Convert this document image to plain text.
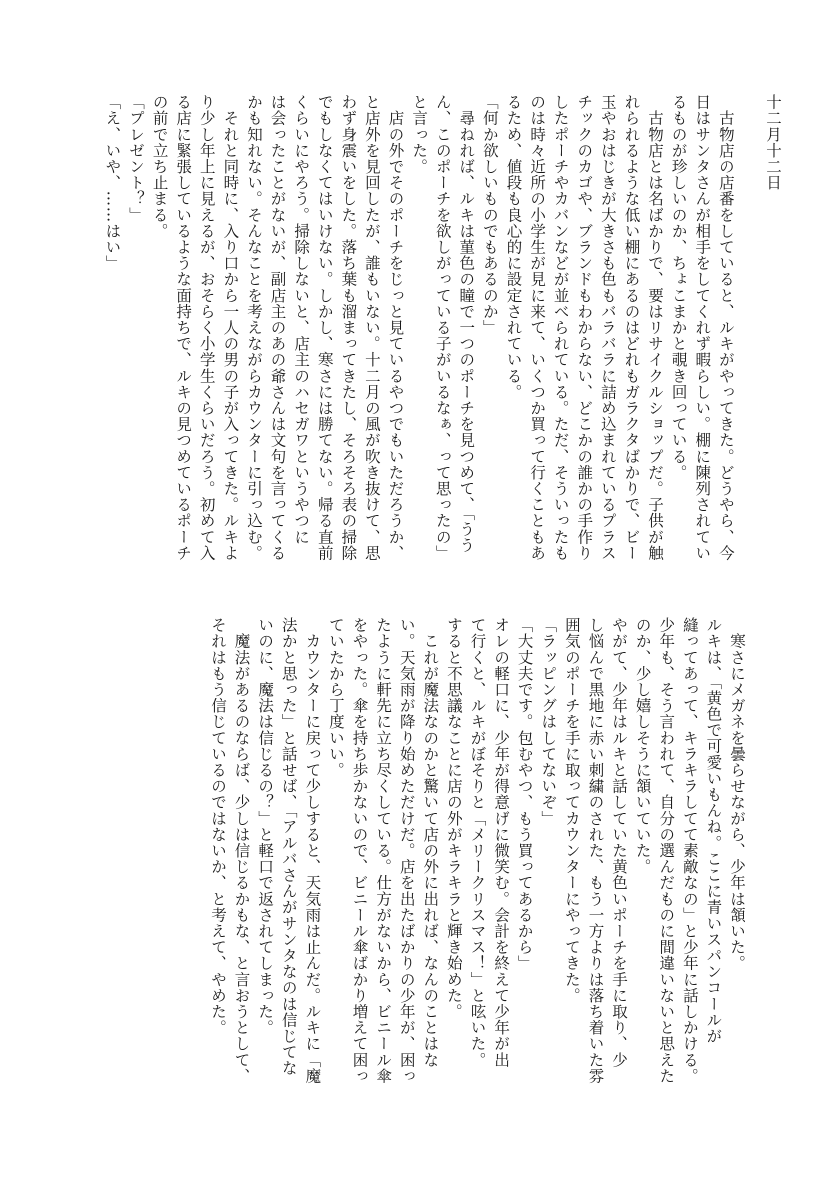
十二月十二日

　古物店の店番をしていると、ルキがやってきた。どうやら、今
日はサンタさんが相手をしてくれず暇らしい。棚に陳列されてい
るものが珍しいのか、ちょこまかと覗き回っている。
　古物店とは名ばかりで、要はリサイクルショップだ。子供が触
れられるような低い棚にあるのはどれもガラクタばかりで、ビー
玉やおはじきが大きさも色もバラバラに詰め込まれているプラス
チックのカゴや、ブランドもわからない、どこかの誰かの手作り
したポーチやカバンなどが並べられている。ただ、そういったも
のは時々近所の小学生が見に来て、いくつか買って行くこともあ
るため、値段も良心的に設定されている。
「何か欲しいものでもあるのか」
　尋ねれば、ルキは菫色の瞳で一つのポーチを見つめて、「うう
ん、このポーチを欲しがっている子がいるなぁ、って思ったの」
と言った。
　店の外でそのポーチをじっと見ているやつでもいただろうか、
と店外を見回したが、誰もいない。十二月の風が吹き抜けて、思
わず身震いをした。落ち葉も溜まってきたし、そろそろ表の掃除
でもしなくてはいけない。しかし、寒さには勝てない。帰る直前
くらいにやろう。掃除しないと、店主のハセガワというやつに
は会ったことがないが、副店主のあの爺さんは文句を言ってくる
かも知れない。そんなことを考えながらカウンターに引っ込む。
　それと同時に、入り口から一人の男の子が入ってきた。ルキよ
り少し年上に見えるが、おそらく小学生くらいだろう。初めて入
る店に緊張しているような面持ちで、ルキの見つめているポーチ
の前で立ち止まる。
「プレゼント？」
「え、いや、……はい」

　寒さにメガネを曇らせながら、少年は頷いた。
ルキは、「黄色で可愛いもんね。ここに青いスパンコールが
縫ってあって、キラキラしてて素敵なの」と少年に話しかける。
少年も、そう言われて、自分の選んだものに間違いないと思えた
のか、少し嬉しそうに頷いていた。
やがて、少年はルキと話していた黄色いポーチを手に取り、少
し悩んで黒地に赤い刺繍のされた、もう一方よりは落ち着いた雰
囲気のポーチを手に取ってカウンターにやってきた。
「ラッピングはしてないぞ」
「大丈夫です。包むやつ、もう買ってあるから」
オレの軽口に、少年が得意げに微笑む。会計を終えて少年が出
て行くと、ルキがぼそりと「メリークリスマス！」と呟いた。
すると不思議なことに店の外がキラキラと輝き始めた。
　これが魔法なのかと驚いて店の外に出れば、なんのことはな
い。天気雨が降り始めただけだ。店を出たばかりの少年が、困っ
たように軒先に立ち尽くしている。仕方がないから、ビニール傘
をやった。傘を持ち歩かないので、ビニール傘ばかり増えて困っ
ていたから丁度いい。
　カウンターに戻って少しすると、天気雨は止んだ。ルキに「魔
法かと思った」と話せば、「アルバさんがサンタなのは信じてな
いのに、魔法は信じるの？」と軽口で返されてしまった。
　魔法があるのならば、少しは信じるかもな、と言おうとして、
それはもう信じているのではないか、と考えて、やめた。
